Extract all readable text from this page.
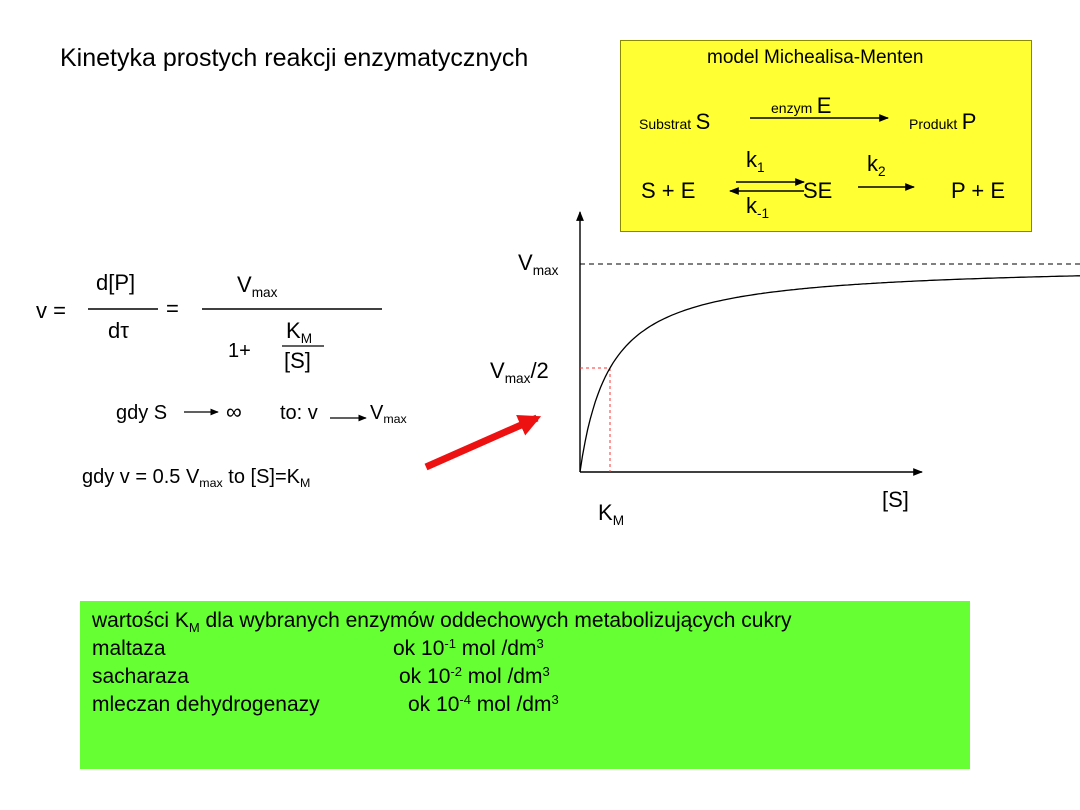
Kinetyka prostych reakcji enzymatycznych	model Michealisa-Menten
Substrat S
enzym E
Produkt P
S + E	SE	P + E
$k_1$
$k_{-1}$
$k_2$
v =
d[P]
dτ
=
$V_{max}$
1+
$K_M$
[S]
gdy S	∞ to: v	$V_{max}$
gdy v = 0.5 $V_{max}$ to $[S]=K_M$
$V_{max}$
$V_{max}/2$
$K_M$
[S]
wartości $K_M$ dla wybranych enzymów oddechowych metabolizujących cukry
maltaza	ok $10^{-1}$ mol $/dm^3$
sacharaza	ok $10^{-2}$ mol $/dm^3$
mleczan dehydrogenazy	ok $10^{-4}$ mol $/dm^3$
